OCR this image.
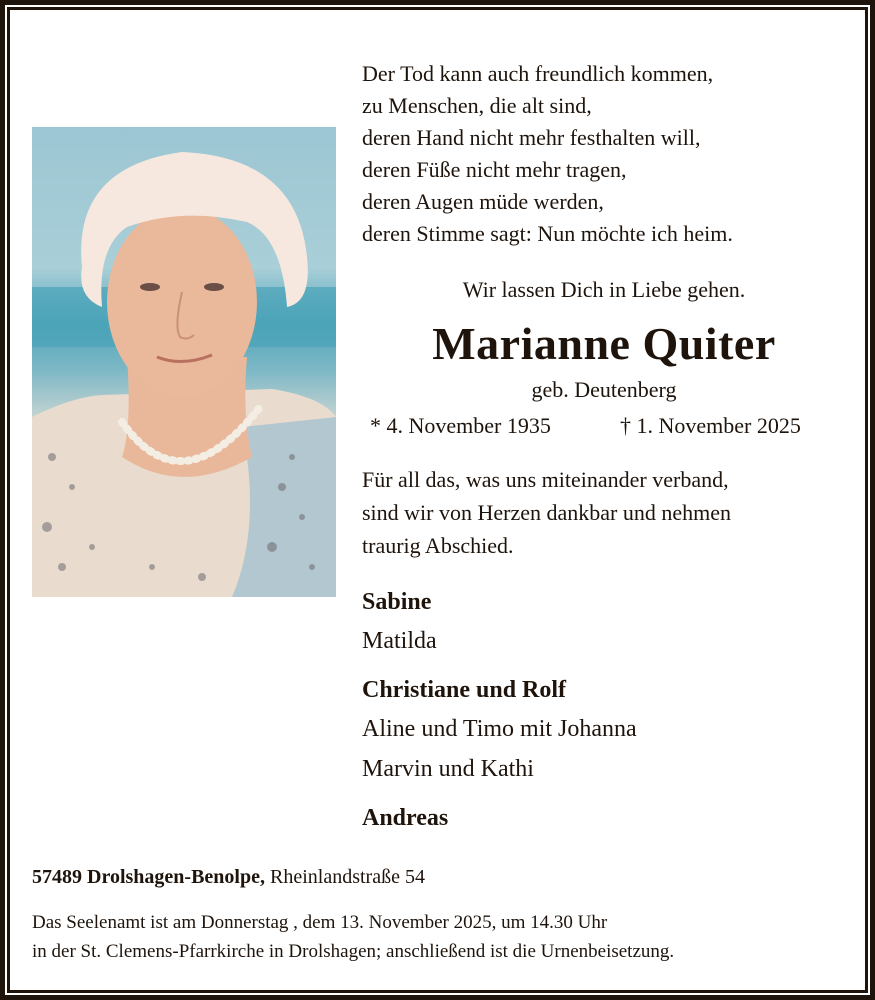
Der Tod kann auch freundlich kommen,
zu Menschen, die alt sind,
deren Hand nicht mehr festhalten will,
deren Füße nicht mehr tragen,
deren Augen müde werden,
deren Stimme sagt: Nun möchte ich heim.
Wir lassen Dich in Liebe gehen.
Marianne Quiter
geb. Deutenberg
* 4. November 1935	† 1. November 2025
Für all das, was uns miteinander verband,
sind wir von Herzen dankbar und nehmen
traurig Abschied.
Sabine
Matilda
Christiane und Rolf
Aline und Timo mit Johanna
Marvin und Kathi
Andreas
57489 Drolshagen-Benolpe, Rheinlandstraße 54
Das Seelenamt ist am Donnerstag , dem 13. November 2025, um 14.30 Uhr
in der St. Clemens-Pfarrkirche in Drolshagen; anschließend ist die Urnenbeisetzung.
